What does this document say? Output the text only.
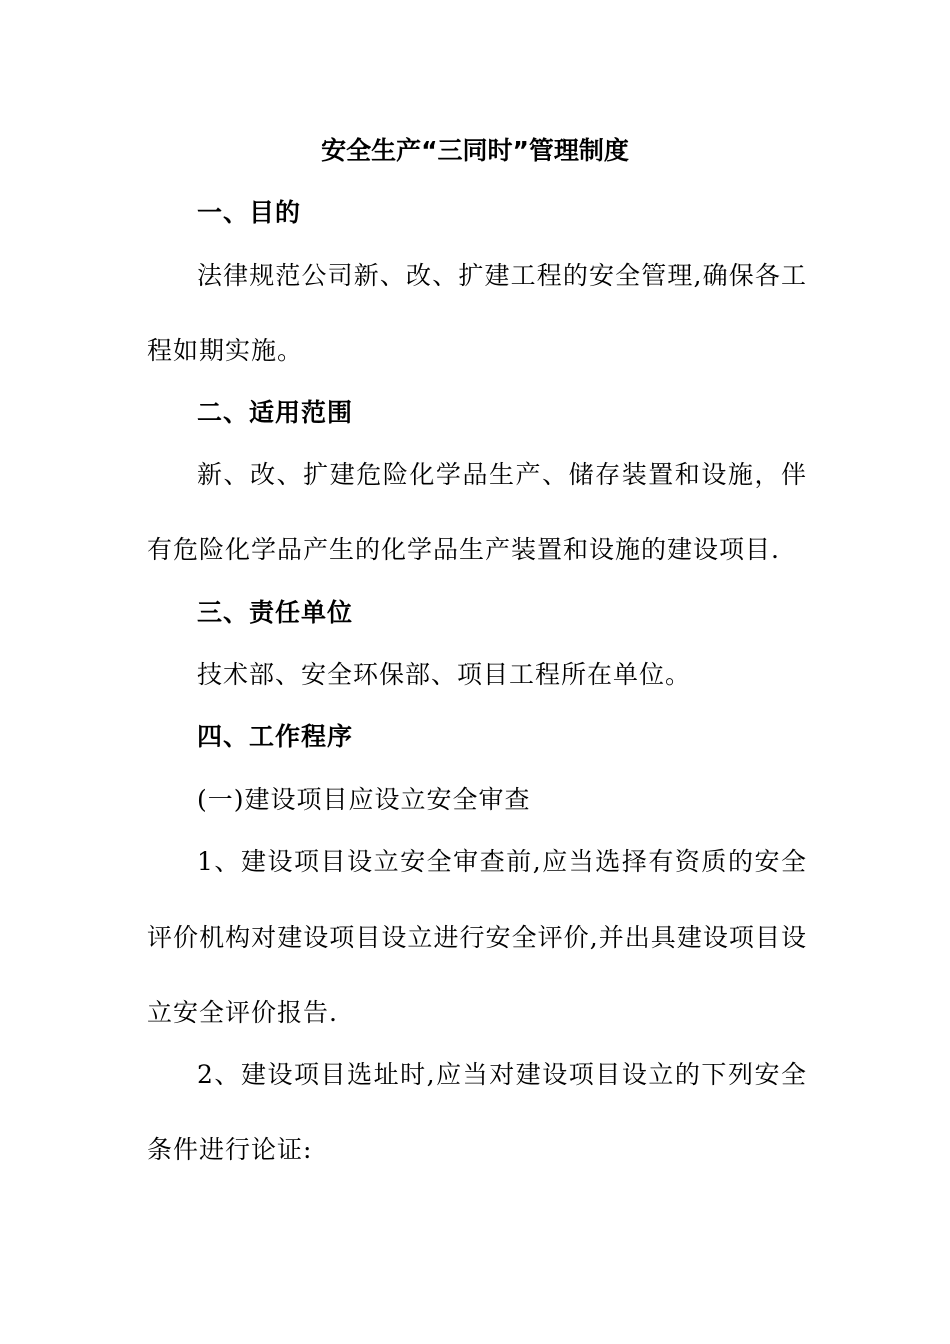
安全生产“三同时”管理制度
一、目的
法律规范公司新、改、扩建工程的安全管理,确保各工
程如期实施。
二、适用范围
新、改、扩建危险化学品生产、储存装置和设施，伴
有危险化学品产生的化学品生产装置和设施的建设项目.
三、责任单位
技术部、安全环保部、项目工程所在单位。
四、工作程序
(一)建设项目应设立安全审查
1、建设项目设立安全审查前,应当选择有资质的安全
评价机构对建设项目设立进行安全评价,并出具建设项目设
立安全评价报告.
2、建设项目选址时,应当对建设项目设立的下列安全
条件进行论证:
